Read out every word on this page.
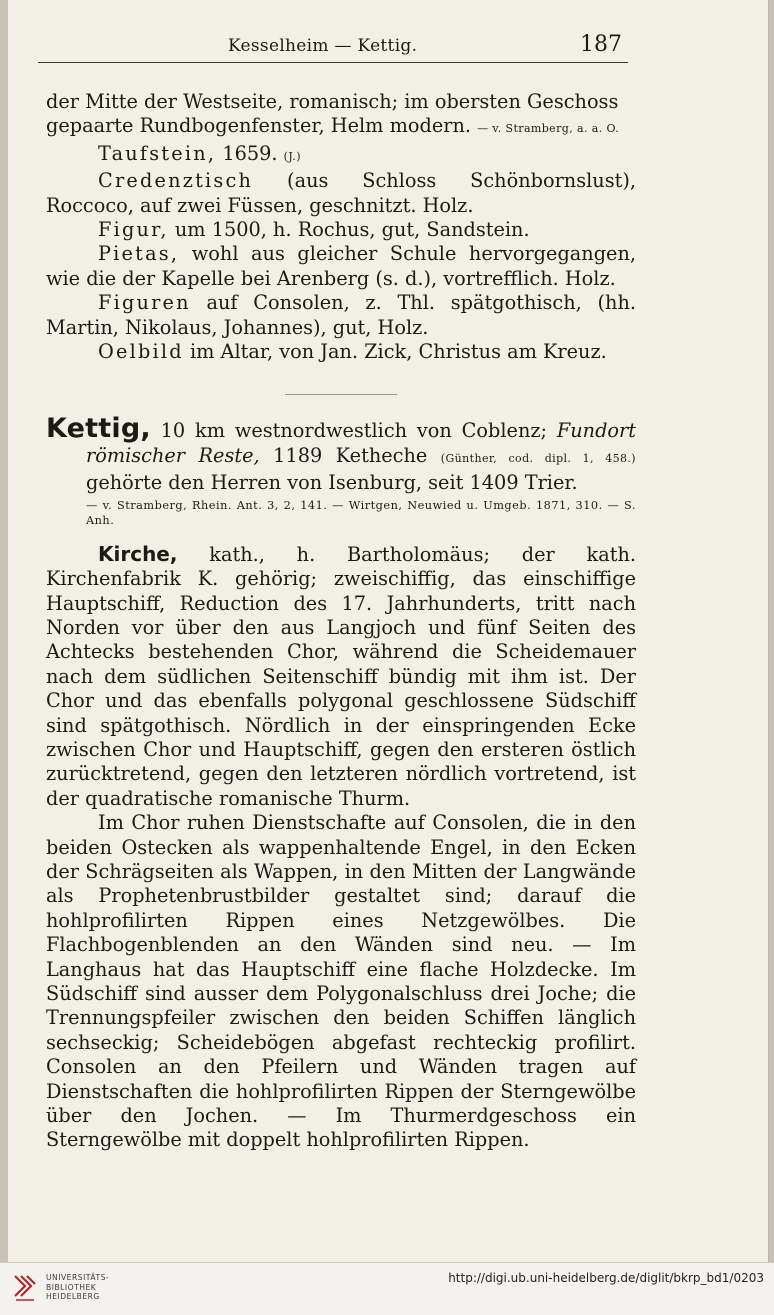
Kesselheim — Kettig.	187

der Mitte der Westseite, romanisch; im obersten Geschoss
gepaarte Rundbogenfenster, Helm modern. — v. Stramberg, a. a. O.

Taufstein, 1659. (J.)

Credenztisch (aus Schloss Schönbornslust), Roccoco, auf zwei Füssen, geschnitzt. Holz.

Figur, um 1500, h. Rochus, gut, Sandstein.

Pietas, wohl aus gleicher Schule hervorgegangen, wie die der Kapelle bei Arenberg (s. d.), vortrefflich. Holz.

Figuren auf Consolen, z. Thl. spätgothisch, (hh. Martin, Nikolaus, Johannes), gut, Holz.

Oelbild im Altar, von Jan. Zick, Christus am Kreuz.

Kettig, 10 km westnordwestlich von Coblenz; Fundort römischer Reste, 1189 Ketheche (Günther, cod. dipl. 1, 458.) gehörte den Herren von Isenburg, seit 1409 Trier.

— v. Stramberg, Rhein. Ant. 3, 2, 141. — Wirtgen, Neuwied u. Umgeb. 1871, 310. — S. Anh.

Kirche, kath., h. Bartholomäus; der kath. Kirchenfabrik K. gehörig; zweischiffig, das einschiffige Hauptschiff, Reduction des 17. Jahrhunderts, tritt nach Norden vor über den aus Langjoch und fünf Seiten des Achtecks bestehenden Chor, während die Scheidemauer nach dem südlichen Seitenschiff bündig mit ihm ist. Der Chor und das ebenfalls polygonal geschlossene Südschiff sind spätgothisch. Nördlich in der einspringenden Ecke zwischen Chor und Hauptschiff, gegen den ersteren östlich zurücktretend, gegen den letzteren nördlich vortretend, ist der quadratische romanische Thurm.

Im Chor ruhen Dienstschafte auf Consolen, die in den beiden Ostecken als wappenhaltende Engel, in den Ecken der Schrägseiten als Wappen, in den Mitten der Langwände als Prophetenbrustbilder gestaltet sind; darauf die hohlprofilirten Rippen eines Netzgewölbes. Die Flachbogenblenden an den Wänden sind neu. — Im Langhaus hat das Hauptschiff eine flache Holzdecke. Im Südschiff sind ausser dem Polygonalschluss drei Joche; die Trennungspfeiler zwischen den beiden Schiffen länglich sechseckig; Scheidebögen abgefast rechteckig profilirt. Consolen an den Pfeilern und Wänden tragen auf Dienstschaften die hohlprofilirten Rippen der Sterngewölbe über den Jochen. — Im Thurmerdgeschoss ein Sterngewölbe mit doppelt hohlprofilirten Rippen.

UNIVERSITÄTS-
BIBLIOTHEK
HEIDELBERG
http://digi.ub.uni-heidelberg.de/diglit/bkrp_bd1/0203
